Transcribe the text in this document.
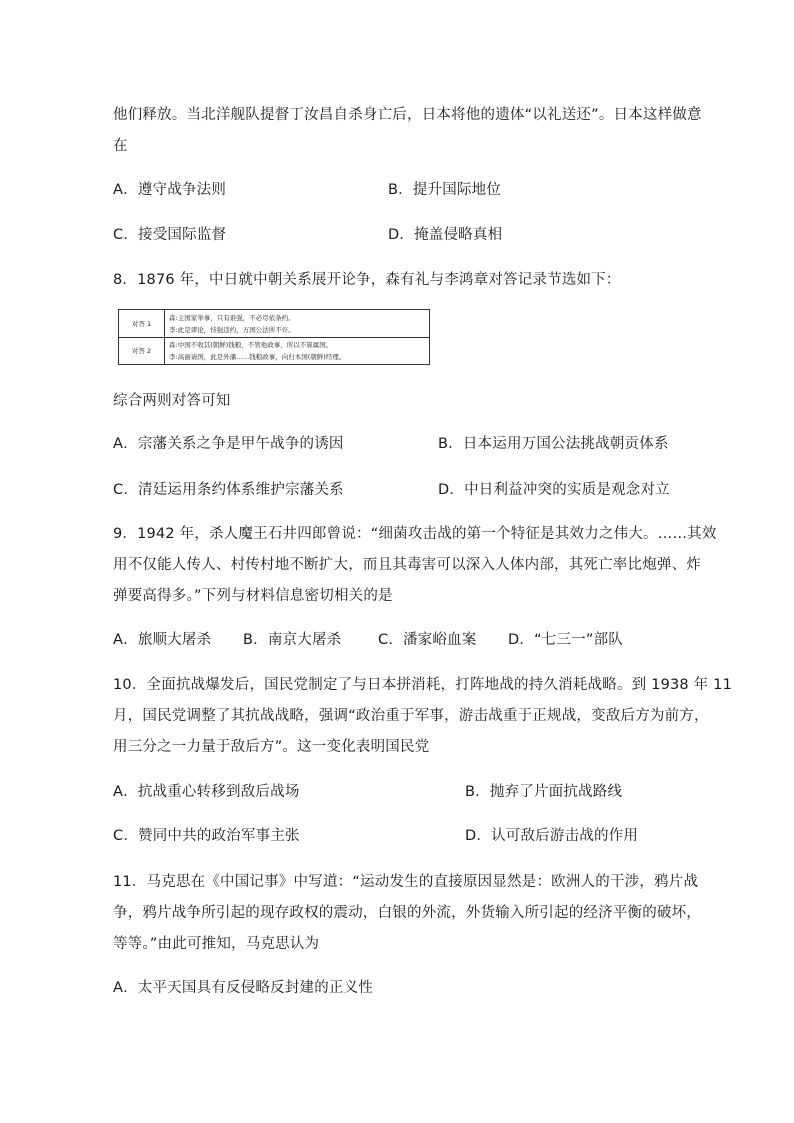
他们释放。当北洋舰队提督丁汝昌自杀身亡后，日本将他的遗体“以礼送还”。日本这样做意
在
A．遵守战争法则	B．提升国际地位
C．接受国际监督	D．掩盖侵略真相
8．1876 年，中日就中朝关系展开论争，森有礼与李鸿章对答记录节选如下：
对答 1
森:主国家举事，只有谁强，不必尽依条约。
李:此是谬论，恃强违约，万国公法所不许。
对答 2
森:中国不收其(朝鲜)钱粮，不管他政事，所以不算属国。
李:高丽请国，此是外藩……钱粮政事，向归本国(朝鲜)经理。
综合两则对答可知
A．宗藩关系之争是甲午战争的诱因	B．日本运用万国公法挑战朝贡体系
C．清廷运用条约体系维护宗藩关系	D．中日利益冲突的实质是观念对立
9．1942 年，杀人魔王石井四郎曾说：“细菌攻击战的第一个特征是其效力之伟大。……其效
用不仅能人传人、村传村地不断扩大，而且其毒害可以深入人体内部，其死亡率比炮弹、炸
弹要高得多。”下列与材料信息密切相关的是
A．旅顺大屠杀 B．南京大屠杀	C．潘家峪血案 D．“七三一”部队
10．全面抗战爆发后，国民党制定了与日本拼消耗，打阵地战的持久消耗战略。到 1938 年 11
月，国民党调整了其抗战战略，强调“政治重于军事，游击战重于正规战，变敌后方为前方，
用三分之一力量于敌后方”。这一变化表明国民党
A．抗战重心转移到敌后战场	B．抛弃了片面抗战路线
C．赞同中共的政治军事主张	D．认可敌后游击战的作用
11．马克思在《中国记事》中写道：“运动发生的直接原因显然是：欧洲人的干涉，鸦片战
争，鸦片战争所引起的现存政权的震动，白银的外流，外货输入所引起的经济平衡的破坏，
等等。”由此可推知，马克思认为
A．太平天国具有反侵略反封建的正义性
